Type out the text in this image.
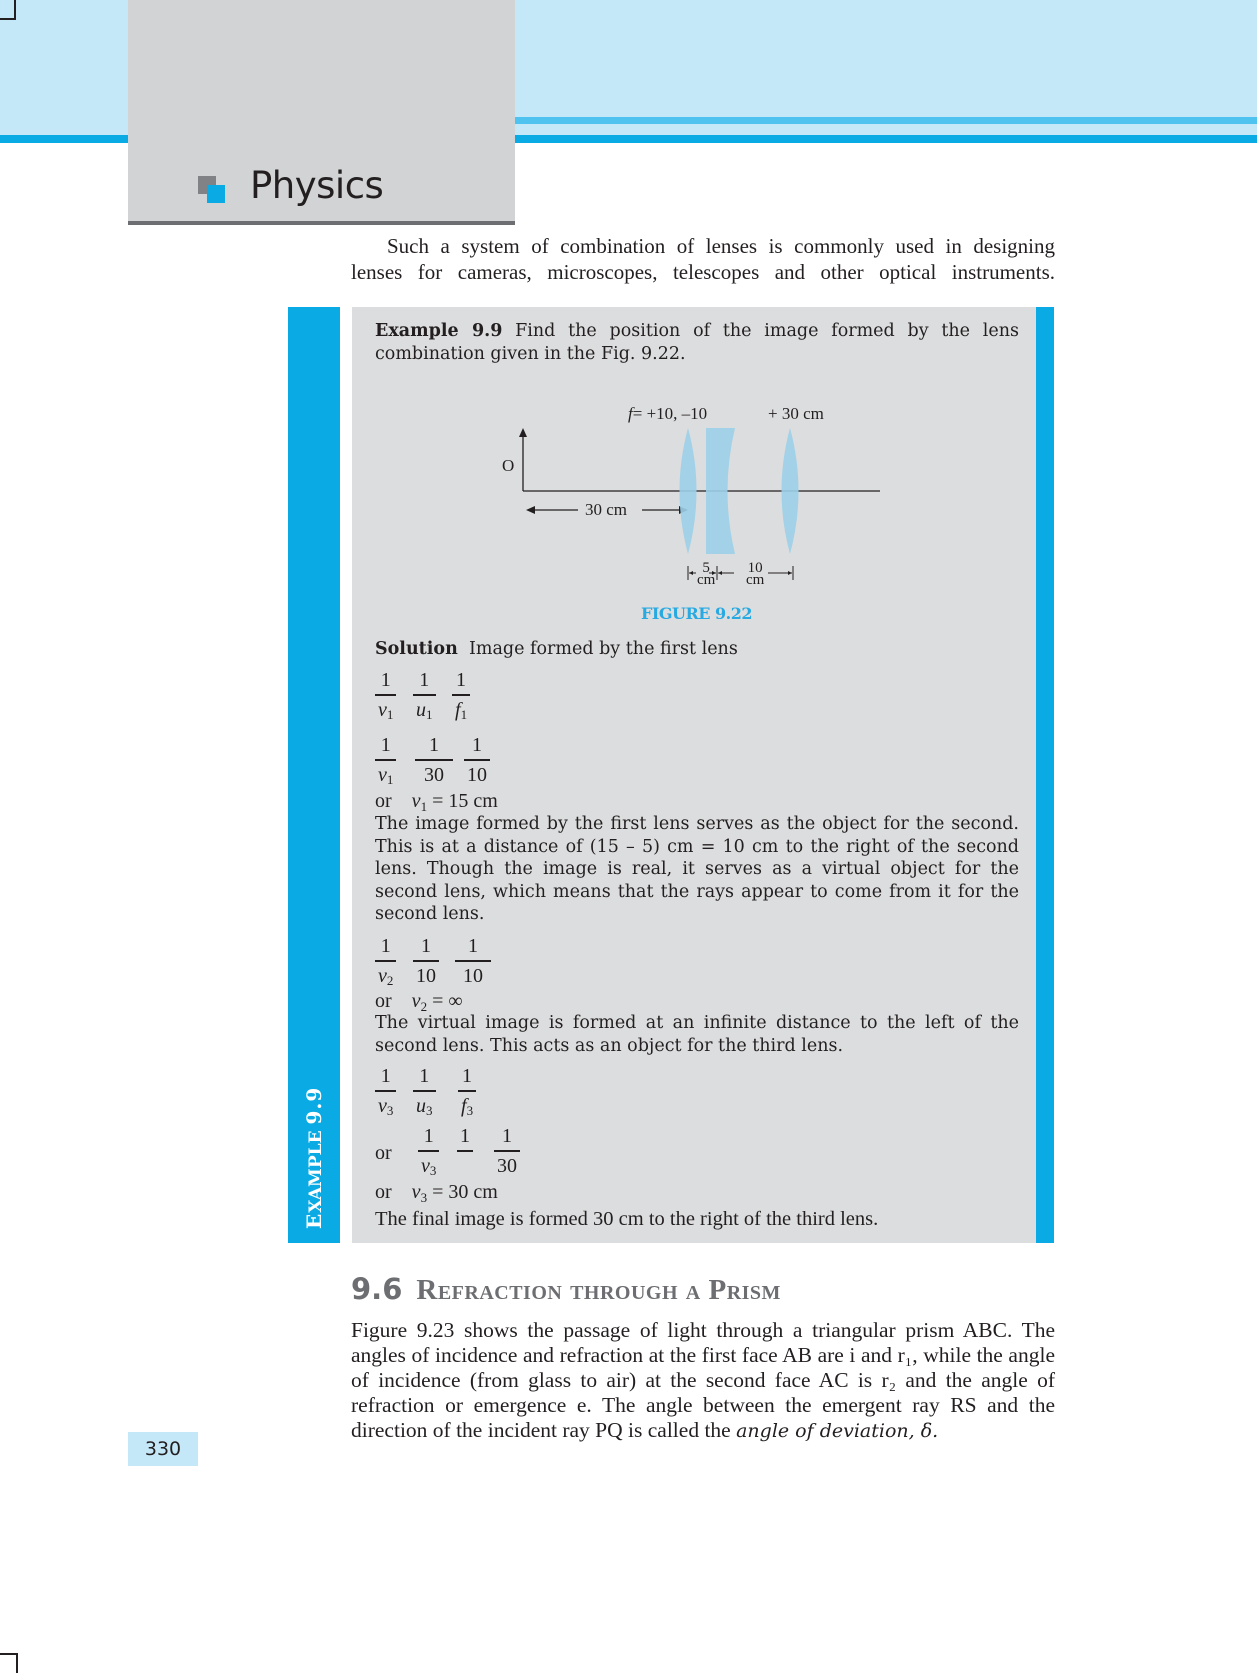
Physics
Such a system of combination of lenses is commonly used in designing
lenses for cameras, microscopes, telescopes and other optical instruments.
EXAMPLE 9.9
Example 9.9 Find the position of the image formed by the lens combination given in the Fig. 9.22.
f= +10, –10	+ 30 cm
O
30 cm
5
cm
10
cm
FIGURE 9.22
Solution Image formed by the first lens
1
$v_1$
1
$u_1$
1
$f_1$
1
$v_1$
1
30
1
10
or $v_1 = 15$ cm
The image formed by the first lens serves as the object for the second. This is at a distance of (15 – 5) cm = 10 cm to the right of the second lens. Though the image is real, it serves as a virtual object for the second lens, which means that the rays appear to come from it for the second lens.
1
$v_2$
1
10
1
10
or $v_2$ = ∞
The virtual image is formed at an infinite distance to the left of the second lens. This acts as an object for the third lens.
1
$v_3$
1
$u_3$
1
$f_3$
or
1
$v_3$
1 1
30
or $v_3 = 30$ cm
The final image is formed 30 cm to the right of the third lens.
9.6 Refraction through a Prism
Figure 9.23 shows the passage of light through a triangular prism ABC. The angles of incidence and refraction at the first face AB are i and r₁, while the angle of incidence (from glass to air) at the second face AC is r₂ and the angle of refraction or emergence e. The angle between the emergent ray RS and the direction of the incident ray PQ is called the angle of deviation, δ.
330
